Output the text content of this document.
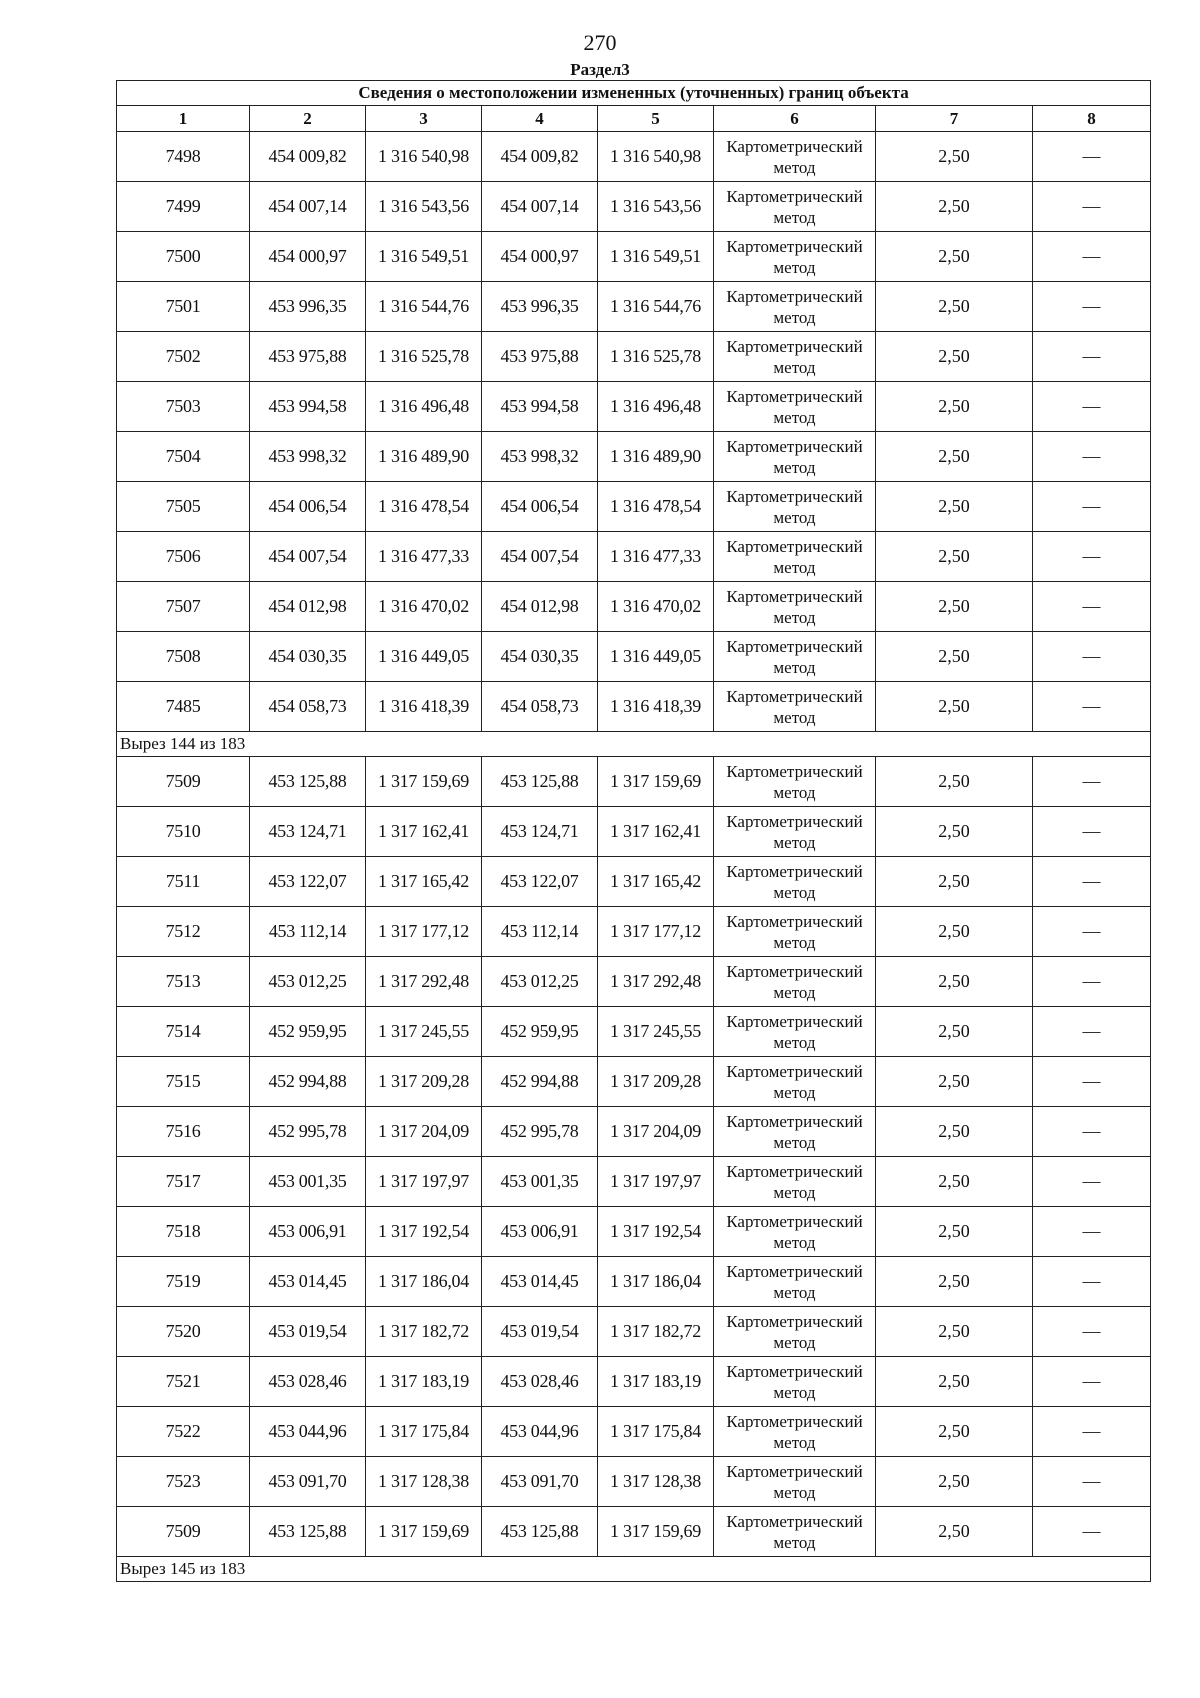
270
Раздел3
Сведения о местоположении измененных (уточненных) границ объекта							
1	2	3	4	5	6	7	8
7498	454 009,82	1 316 540,98	454 009,82	1 316 540,98	Картометрический метод	2,50	—
7499	454 007,14	1 316 543,56	454 007,14	1 316 543,56	Картометрический метод	2,50	—
7500	454 000,97	1 316 549,51	454 000,97	1 316 549,51	Картометрический метод	2,50	—
7501	453 996,35	1 316 544,76	453 996,35	1 316 544,76	Картометрический метод	2,50	—
7502	453 975,88	1 316 525,78	453 975,88	1 316 525,78	Картометрический метод	2,50	—
7503	453 994,58	1 316 496,48	453 994,58	1 316 496,48	Картометрический метод	2,50	—
7504	453 998,32	1 316 489,90	453 998,32	1 316 489,90	Картометрический метод	2,50	—
7505	454 006,54	1 316 478,54	454 006,54	1 316 478,54	Картометрический метод	2,50	—
7506	454 007,54	1 316 477,33	454 007,54	1 316 477,33	Картометрический метод	2,50	—
7507	454 012,98	1 316 470,02	454 012,98	1 316 470,02	Картометрический метод	2,50	—
7508	454 030,35	1 316 449,05	454 030,35	1 316 449,05	Картометрический метод	2,50	—
7485	454 058,73	1 316 418,39	454 058,73	1 316 418,39	Картометрический метод	2,50	—
Вырез 144 из 183							
7509	453 125,88	1 317 159,69	453 125,88	1 317 159,69	Картометрический метод	2,50	—
7510	453 124,71	1 317 162,41	453 124,71	1 317 162,41	Картометрический метод	2,50	—
7511	453 122,07	1 317 165,42	453 122,07	1 317 165,42	Картометрический метод	2,50	—
7512	453 112,14	1 317 177,12	453 112,14	1 317 177,12	Картометрический метод	2,50	—
7513	453 012,25	1 317 292,48	453 012,25	1 317 292,48	Картометрический метод	2,50	—
7514	452 959,95	1 317 245,55	452 959,95	1 317 245,55	Картометрический метод	2,50	—
7515	452 994,88	1 317 209,28	452 994,88	1 317 209,28	Картометрический метод	2,50	—
7516	452 995,78	1 317 204,09	452 995,78	1 317 204,09	Картометрический метод	2,50	—
7517	453 001,35	1 317 197,97	453 001,35	1 317 197,97	Картометрический метод	2,50	—
7518	453 006,91	1 317 192,54	453 006,91	1 317 192,54	Картометрический метод	2,50	—
7519	453 014,45	1 317 186,04	453 014,45	1 317 186,04	Картометрический метод	2,50	—
7520	453 019,54	1 317 182,72	453 019,54	1 317 182,72	Картометрический метод	2,50	—
7521	453 028,46	1 317 183,19	453 028,46	1 317 183,19	Картометрический метод	2,50	—
7522	453 044,96	1 317 175,84	453 044,96	1 317 175,84	Картометрический метод	2,50	—
7523	453 091,70	1 317 128,38	453 091,70	1 317 128,38	Картометрический метод	2,50	—
7509	453 125,88	1 317 159,69	453 125,88	1 317 159,69	Картометрический метод	2,50	—
Вырез 145 из 183							
